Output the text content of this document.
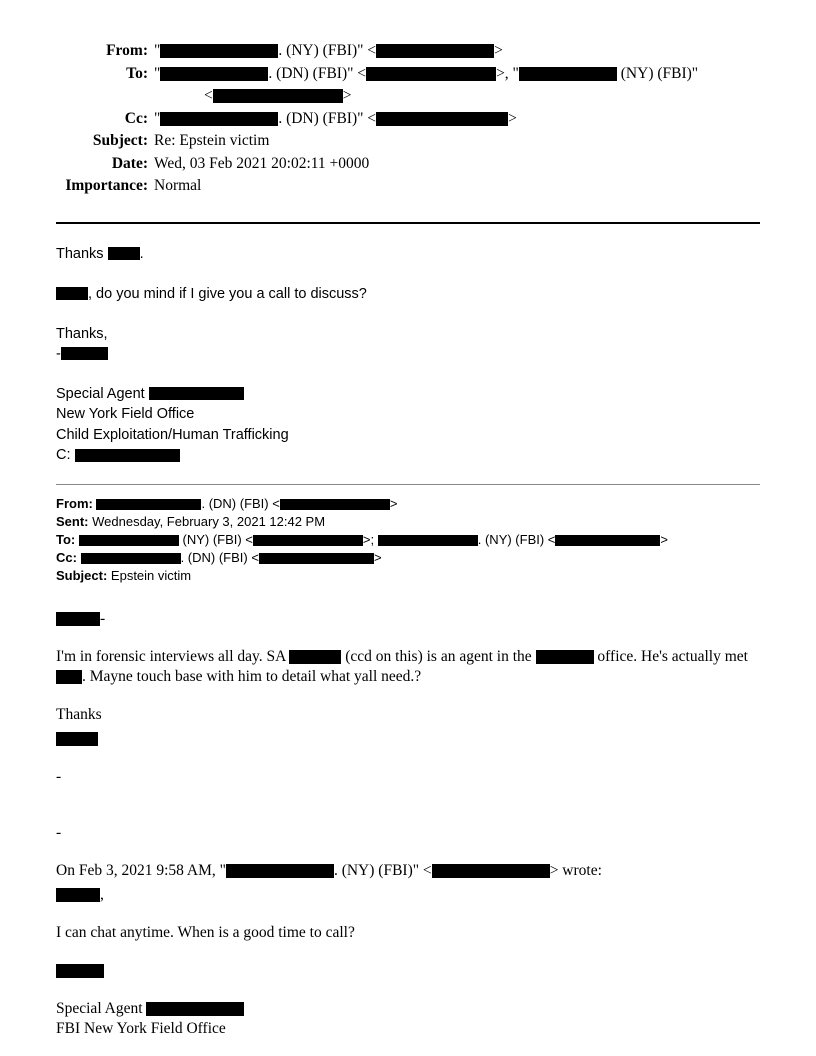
From: "	. (NY) (FBI)" <	>
To: "	. (DN) (FBI)" <	>, "	(NY) (FBI)"
<	>
Cc: "	. (DN) (FBI)" <	>
Subject: Re: Epstein victim
Date: Wed, 03 Feb 2021 20:02:11 +0000
Importance: Normal

Thanks .

, do you mind if I give you a call to discuss?

Thanks,

-

Special Agent
New York Field Office
Child Exploitation/Human Trafficking
C:
From:	. (DN) (FBI) <	>
Sent: Wednesday, February 3, 2021 12:42 PM
To:	(NY) (FBI) <	>;	. (NY) (FBI) <	>
Cc:	. (DN) (FBI) <	>
Subject: Epstein victim

-

I'm in forensic interviews all day. SA	(ccd on this) is an agent in the	office. He's actually met . Mayne touch base with him to detail what yall need.?

Thanks

-

-

On Feb 3, 2021 9:58 AM, "	. (NY) (FBI)" <	> wrote:

,

I can chat anytime. When is a good time to call?

Special Agent
FBI New York Field Office
